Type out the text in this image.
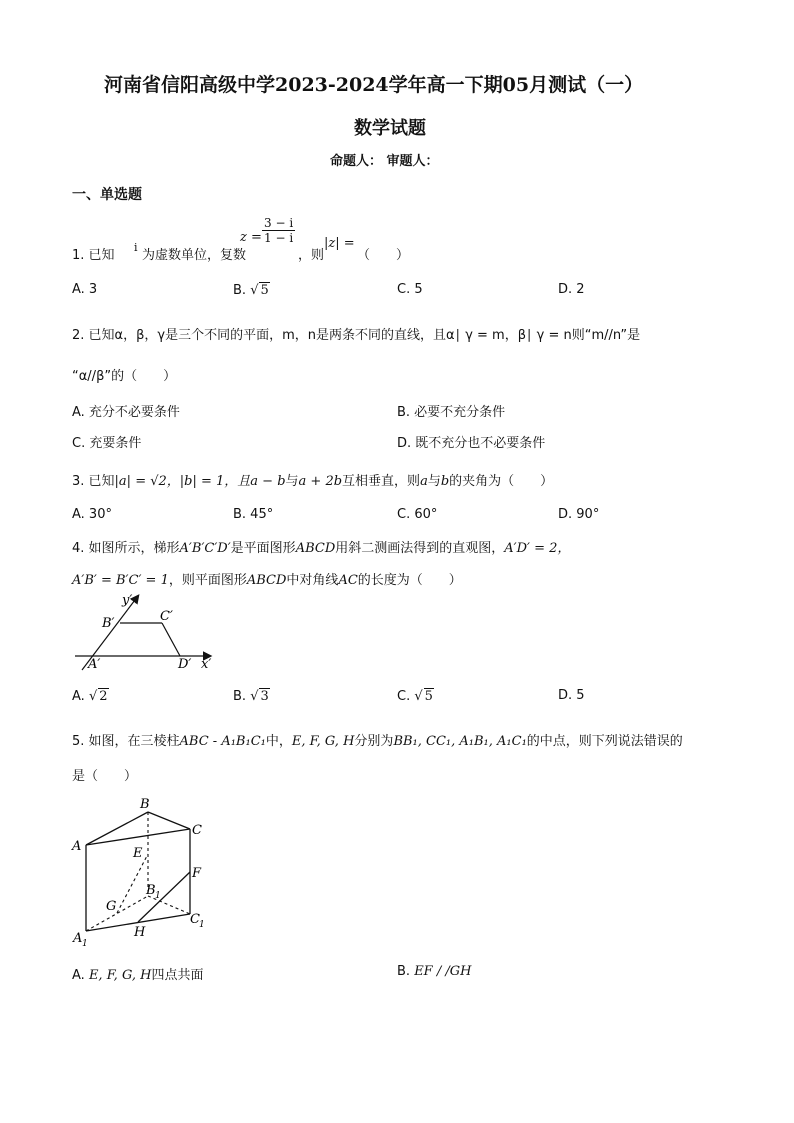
河南省信阳高级中学2023-2024学年高一下期05月测试（一）
数学试题
命题人： 审题人：
一、单选题
1. 已知
i
为虚数单位，复数
$z = \frac{3 - i}{1 - i}$
，则
|z| =
（　　）
A. 3	B. √ 5	C. 5	D. 2
2. 已知α，β，γ是三个不同的平面，m，n是两条不同的直线，且α∣ γ = m，β∣ γ = n则“m//n”是
“α//β”的（　　）
A. 充分不必要条件	B. 必要不充分条件
C. 充要条件	D. 既不充分也不必要条件
3. 已知|a| = √2，|b| = 1，且a − b与a + 2b互相垂直，则a与b的夹角为（　　）
A. 30°	B. 45°	C. 60°	D. 90°
4. 如图所示，梯形A′B′C′D′是平面图形ABCD用斜二测画法得到的直观图，A′D′ = 2，
A′B′ = B′C′ = 1，则平面图形ABCD中对角线AC的长度为（　　）
y′
B′	C′
A′	D′ x′
A. √ 2	B. √ 3	C. √ 5	D. 5
5. 如图，在三棱柱ABC - A₁B₁C₁中，E, F, G, H分别为BB₁, CC₁, A₁B₁, A₁C₁的中点，则下列说法错误的
是（　　）
B
C
A	E
F
B 1
G
C 1
H
A 1
A. E, F, G, H四点共面	B. EF / /GH
